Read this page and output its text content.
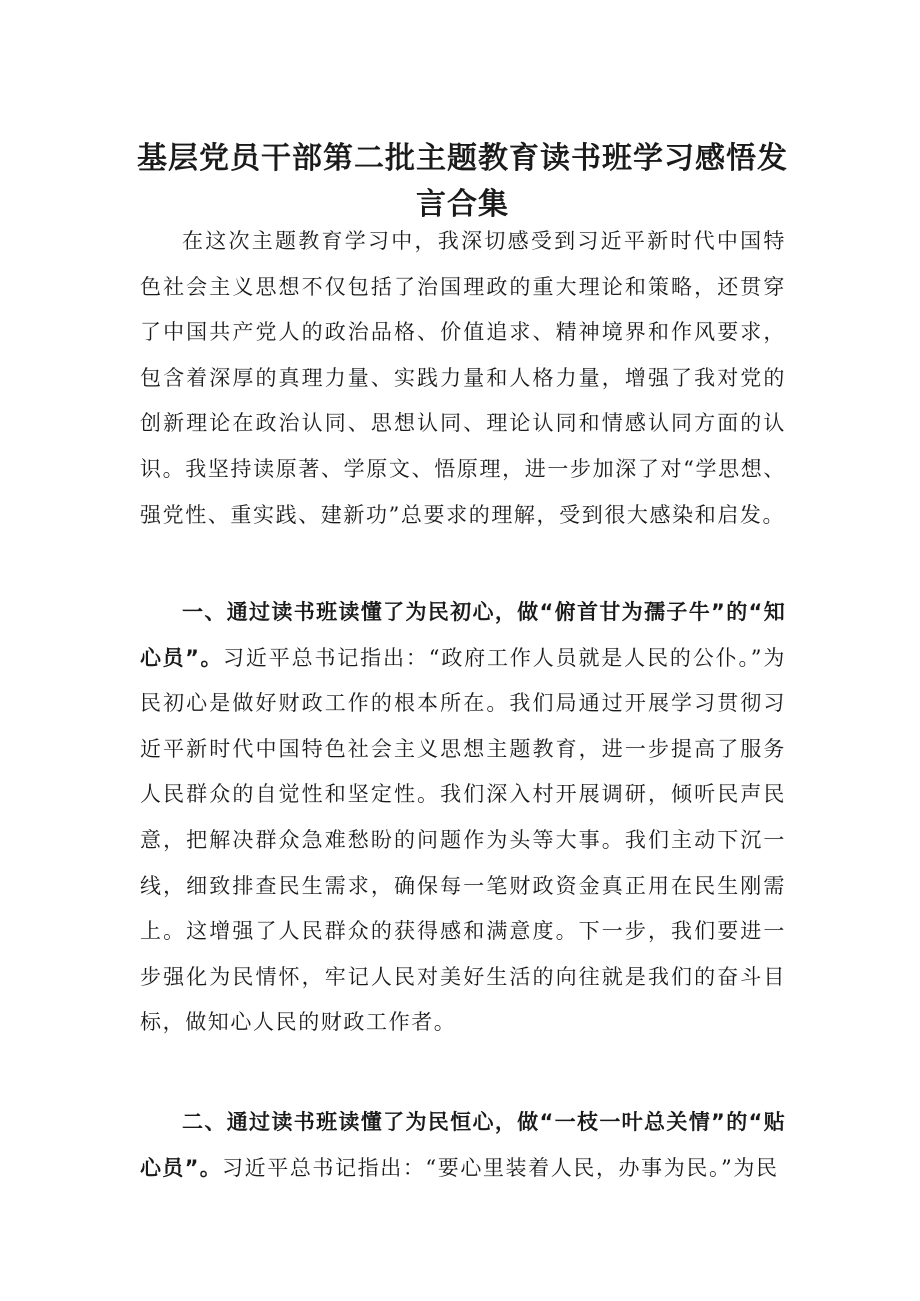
基层党员干部第二批主题教育读书班学习感悟发言合集

在这次主题教育学习中，我深切感受到习近平新时代中国特色社会主义思想不仅包括了治国理政的重大理论和策略，还贯穿了中国共产党人的政治品格、价值追求、精神境界和作风要求，包含着深厚的真理力量、实践力量和人格力量，增强了我对党的创新理论在政治认同、思想认同、理论认同和情感认同方面的认识。我坚持读原著、学原文、悟原理，进一步加深了对“学思想、强党性、重实践、建新功”总要求的理解，受到很大感染和启发。

一、通过读书班读懂了为民初心，做“俯首甘为孺子牛”的“知心员”。习近平总书记指出：“政府工作人员就是人民的公仆。”为民初心是做好财政工作的根本所在。我们局通过开展学习贯彻习近平新时代中国特色社会主义思想主题教育，进一步提高了服务人民群众的自觉性和坚定性。我们深入村开展调研，倾听民声民意，把解决群众急难愁盼的问题作为头等大事。我们主动下沉一线，细致排查民生需求，确保每一笔财政资金真正用在民生刚需上。这增强了人民群众的获得感和满意度。下一步，我们要进一步强化为民情怀，牢记人民对美好生活的向往就是我们的奋斗目标，做知心人民的财政工作者。

二、通过读书班读懂了为民恒心，做“一枝一叶总关情”的“贴心员”。习近平总书记指出：“要心里装着人民，办事为民。”为民
